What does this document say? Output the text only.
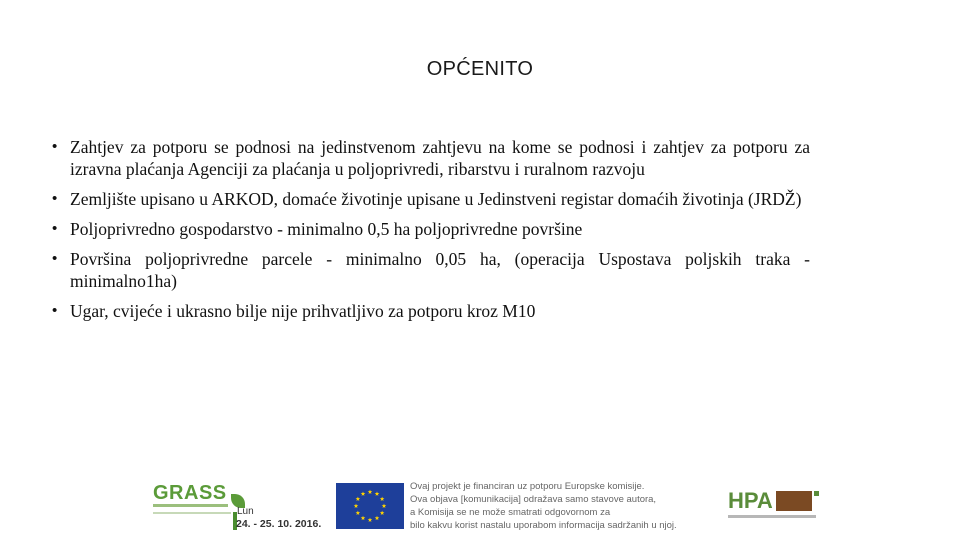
OPĆENITO
• Zahtjev za potporu se podnosi na jedinstvenom zahtjevu na kome se podnosi i zahtjev za potporu za izravna plaćanja Agenciji za plaćanja u poljoprivredi, ribarstvu i ruralnom razvoju
• Zemljište upisano u ARKOD, domaće životinje upisane u Jedinstveni registar domaćih životinja (JRDŽ)
• Poljoprivredno gospodarstvo - minimalno 0,5 ha poljoprivredne površine
• Površina poljoprivredne parcele - minimalno 0,05 ha, (operacija Uspostava poljskih traka - minimalno1ha)
• Ugar, cvijeće i ukrasno bilje nije prihvatljivo za potporu kroz M10
GRASS
Lun
24. - 25. 10. 2016.
Ovaj projekt je financiran uz potporu Europske komisije.
Ova objava [komunikacija] odražava samo stavove autora,
a Komisija se ne može smatrati odgovornom za
bilo kakvu korist nastalu uporabom informacija sadržanih u njoj.
HPA
